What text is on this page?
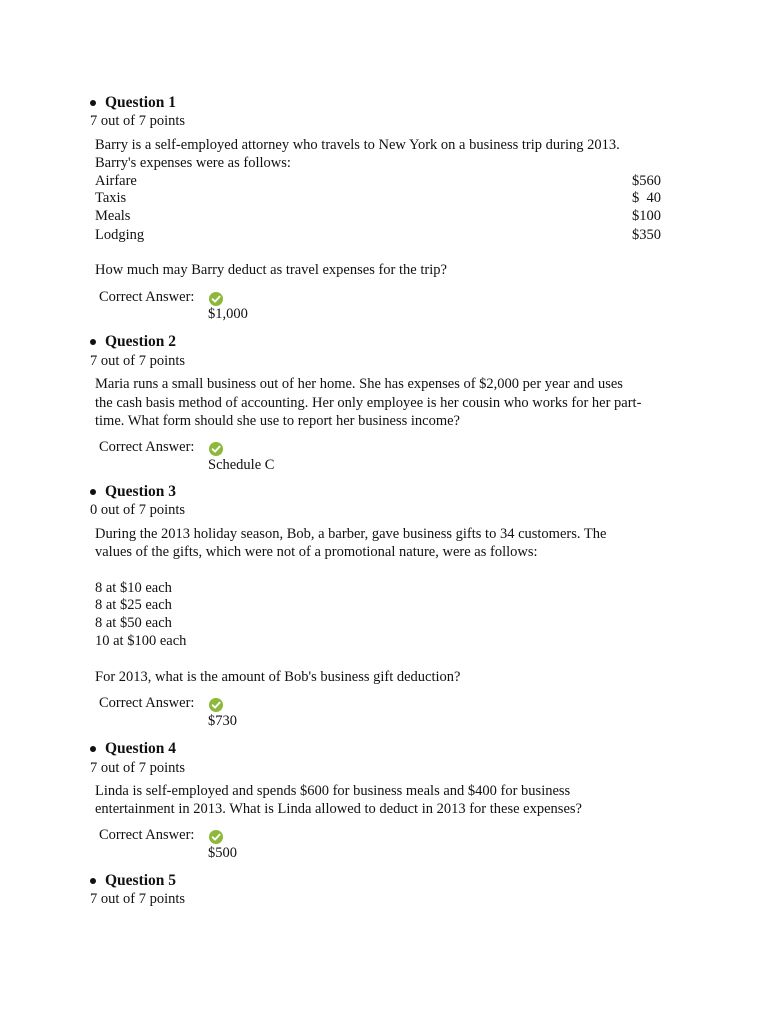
Question 1
7 out of 7 points
Barry is a self-employed attorney who travels to New York on a business trip during 2013.
Barry's expenses were as follows:
Airfare	$560
Taxis	$  40
Meals	$100
Lodging	$350
How much may Barry deduct as travel expenses for the trip?
Correct Answer:
$1,000
Question 2
7 out of 7 points
Maria runs a small business out of her home. She has expenses of $2,000 per year and uses
the cash basis method of accounting. Her only employee is her cousin who works for her part-
time. What form should she use to report her business income?
Correct Answer:
Schedule C
Question 3
0 out of 7 points
During the 2013 holiday season, Bob, a barber, gave business gifts to 34 customers. The
values of the gifts, which were not of a promotional nature, were as follows:
8 at $10 each
8 at $25 each
8 at $50 each
10 at $100 each
For 2013, what is the amount of Bob's business gift deduction?
Correct Answer:
$730
Question 4
7 out of 7 points
Linda is self-employed and spends $600 for business meals and $400 for business
entertainment in 2013. What is Linda allowed to deduct in 2013 for these expenses?
Correct Answer:
$500
Question 5
7 out of 7 points
